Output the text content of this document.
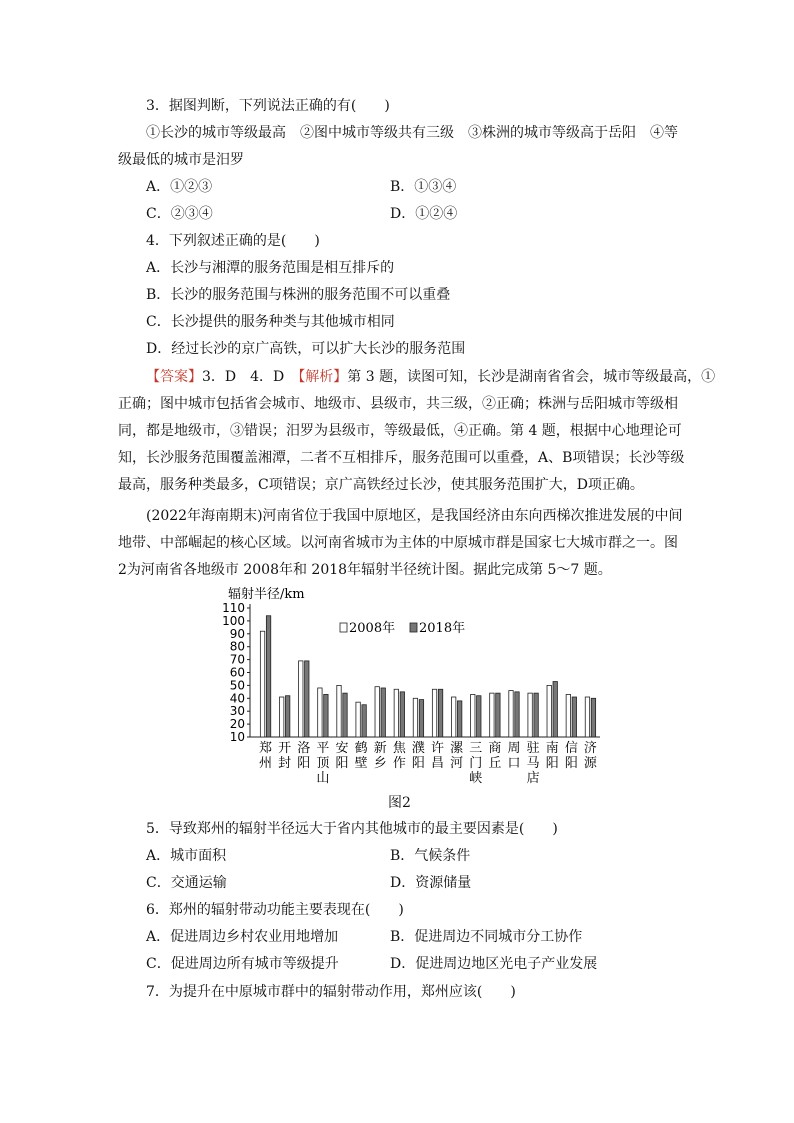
3．据图判断，下列说法正确的有(　　)
①长沙的城市等级最高　②图中城市等级共有三级　③株洲的城市等级高于岳阳　④等
级最低的城市是汨罗
A．①②③	B．①③④
C．②③④	D．①②④
4．下列叙述正确的是(　　)
A．长沙与湘潭的服务范围是相互排斥的
B．长沙的服务范围与株洲的服务范围不可以重叠
C．长沙提供的服务种类与其他城市相同
D．经过长沙的京广高铁，可以扩大长沙的服务范围
【答案】3．D　4．D　【解析】第 3 题，读图可知，长沙是湖南省省会，城市等级最高，①
正确；图中城市包括省会城市、地级市、县级市，共三级，②正确；株洲与岳阳城市等级相
同，都是地级市，③错误；汨罗为县级市，等级最低，④正确。第 4 题，根据中心地理论可
知，长沙服务范围覆盖湘潭，二者不互相排斥，服务范围可以重叠，A、B项错误；长沙等级
最高，服务种类最多，C项错误；京广高铁经过长沙，使其服务范围扩大，D项正确。
(2022年海南期末)河南省位于我国中原地区，是我国经济由东向西梯次推进发展的中间
地带、中部崛起的核心区域。以河南省城市为主体的中原城市群是国家七大城市群之一。图
2为河南省各地级市 2008年和 2018年辐射半径统计图。据此完成第 5～7 题。
辐射半径/km
10
20
30
40
50
60
70
80
90
100
110
郑
州
开
封
洛
阳
平
顶
山
安
阳
鹤
壁
新
乡
焦
作
濮
阳
许
昌
漯
河
三
门
峡
商
丘
周
口
驻
马
店
南
阳
信
阳
济
源
2008年 2018年
图2
5．导致郑州的辐射半径远大于省内其他城市的最主要因素是(　　)
A．城市面积	B．气候条件
C．交通运输	D．资源储量
6．郑州的辐射带动功能主要表现在(　　)
A．促进周边乡村农业用地增加	B．促进周边不同城市分工协作
C．促进周边所有城市等级提升	D．促进周边地区光电子产业发展
7．为提升在中原城市群中的辐射带动作用，郑州应该(　　)
